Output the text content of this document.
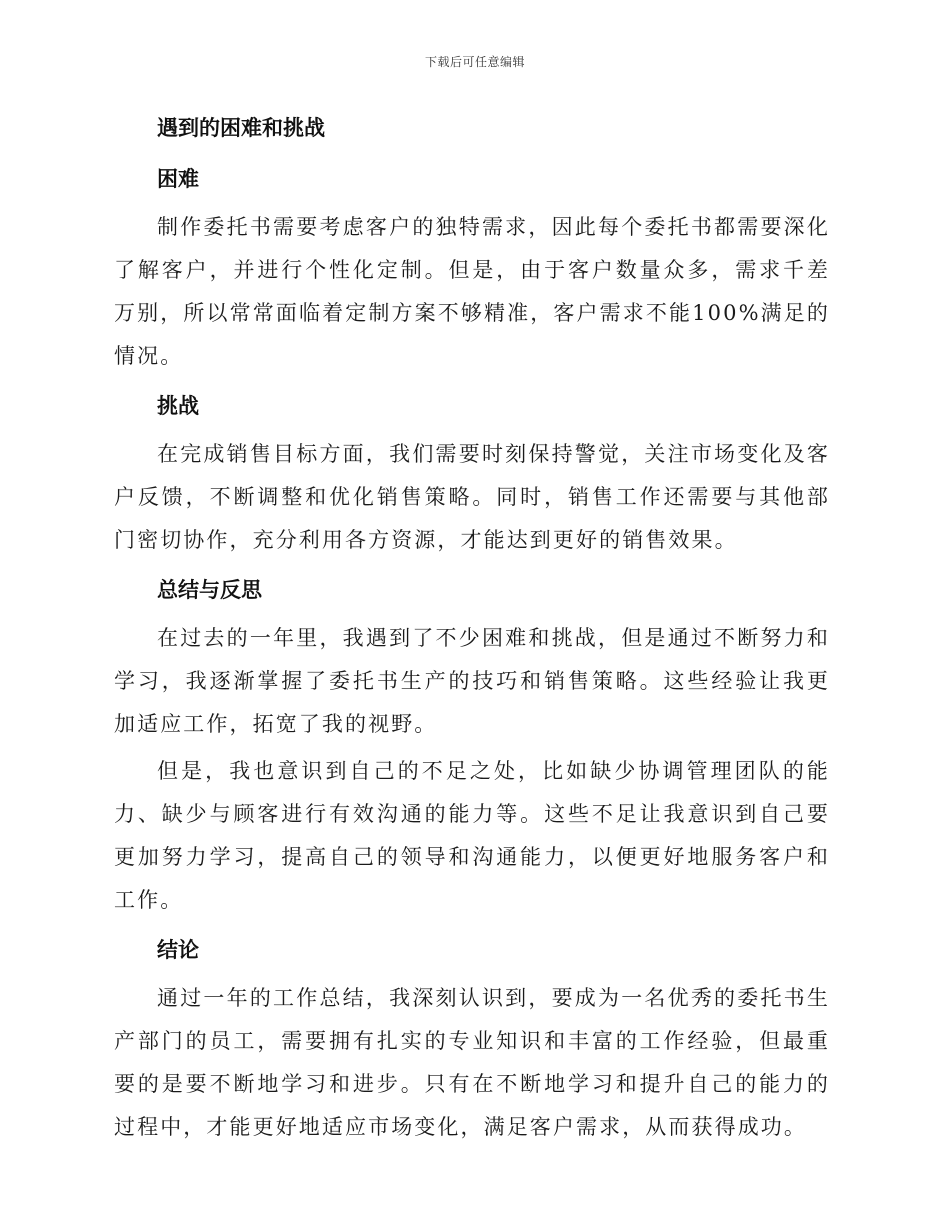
下载后可任意编辑
遇到的困难和挑战
困难

制作委托书需要考虑客户的独特需求，因此每个委托书都需要深化了解客户，并进行个性化定制。但是，由于客户数量众多，需求千差万别，所以常常面临着定制方案不够精准，客户需求不能100%满足的情况。

挑战

在完成销售目标方面，我们需要时刻保持警觉，关注市场变化及客户反馈，不断调整和优化销售策略。同时，销售工作还需要与其他部门密切协作，充分利用各方资源，才能达到更好的销售效果。

总结与反思

在过去的一年里，我遇到了不少困难和挑战，但是通过不断努力和学习，我逐渐掌握了委托书生产的技巧和销售策略。这些经验让我更加适应工作，拓宽了我的视野。

但是，我也意识到自己的不足之处，比如缺少协调管理团队的能力、缺少与顾客进行有效沟通的能力等。这些不足让我意识到自己要更加努力学习，提高自己的领导和沟通能力，以便更好地服务客户和工作。

结论

通过一年的工作总结，我深刻认识到，要成为一名优秀的委托书生产部门的员工，需要拥有扎实的专业知识和丰富的工作经验，但最重要的是要不断地学习和进步。只有在不断地学习和提升自己的能力的过程中，才能更好地适应市场变化，满足客户需求，从而获得成功。
